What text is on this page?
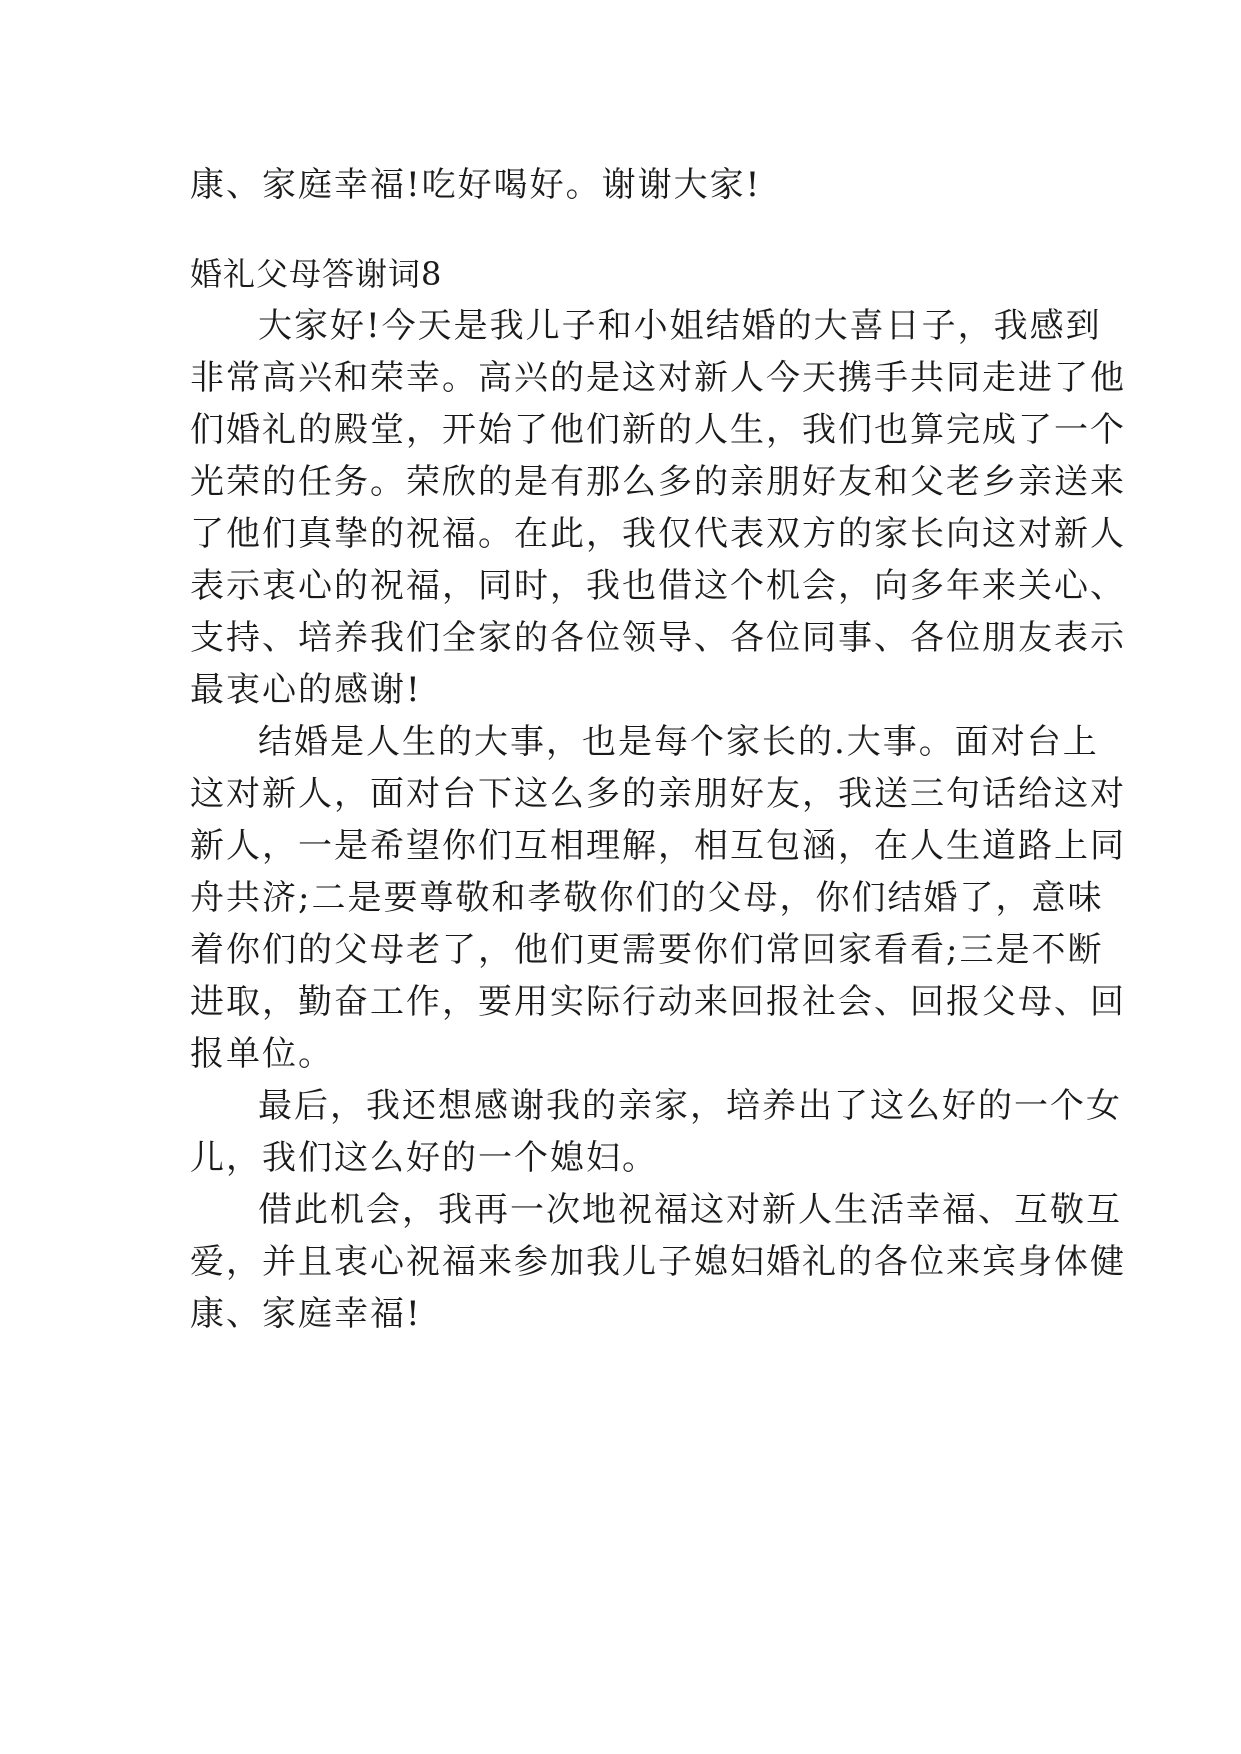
康、家庭幸福!吃好喝好。谢谢大家!
婚礼父母答谢词8
大家好!今天是我儿子和小姐结婚的大喜日子，我感到
非常高兴和荣幸。高兴的是这对新人今天携手共同走进了他
们婚礼的殿堂，开始了他们新的人生，我们也算完成了一个
光荣的任务。荣欣的是有那么多的亲朋好友和父老乡亲送来
了他们真挚的祝福。在此，我仅代表双方的家长向这对新人
表示衷心的祝福，同时，我也借这个机会，向多年来关心、
支持、培养我们全家的各位领导、各位同事、各位朋友表示
最衷心的感谢!
结婚是人生的大事，也是每个家长的.大事。面对台上
这对新人，面对台下这么多的亲朋好友，我送三句话给这对
新人，一是希望你们互相理解，相互包涵，在人生道路上同
舟共济;二是要尊敬和孝敬你们的父母，你们结婚了，意味
着你们的父母老了，他们更需要你们常回家看看;三是不断
进取，勤奋工作，要用实际行动来回报社会、回报父母、回
报单位。
最后，我还想感谢我的亲家，培养出了这么好的一个女
儿，我们这么好的一个媳妇。
借此机会，我再一次地祝福这对新人生活幸福、互敬互
爱，并且衷心祝福来参加我儿子媳妇婚礼的各位来宾身体健
康、家庭幸福!
